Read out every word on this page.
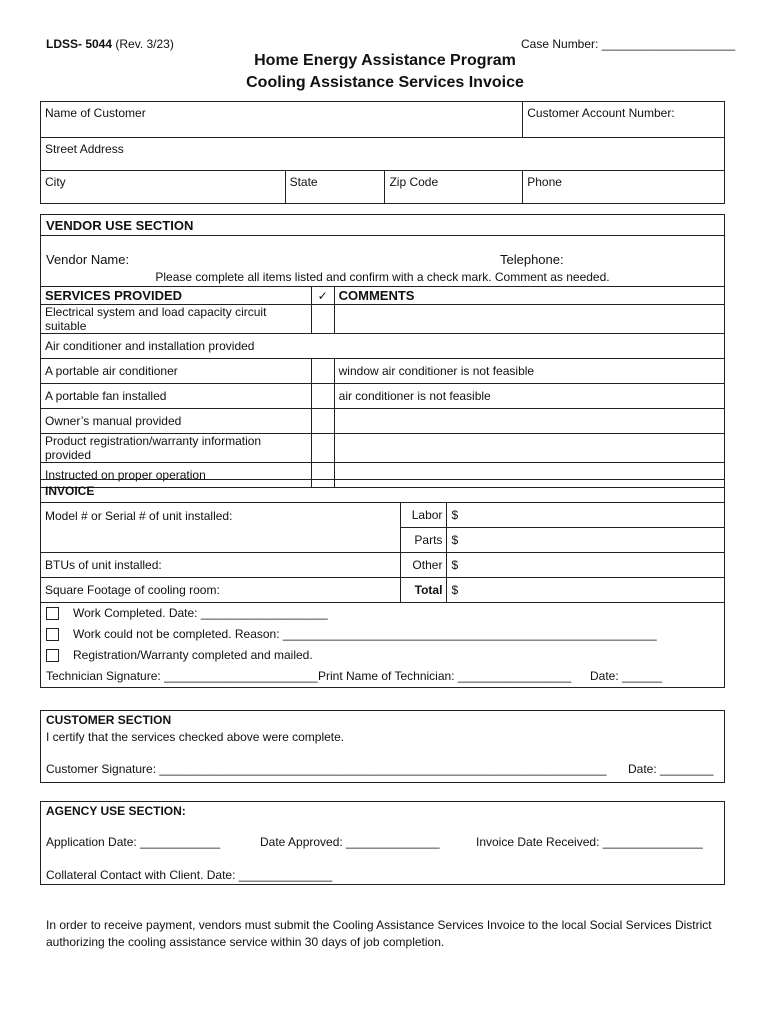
LDSS- 5044 (Rev. 3/23)	Case Number: ____________________
Home Energy Assistance Program
Cooling Assistance Services Invoice
Name of Customer			Customer Account Number:
Street Address			
City	State	Zip Code	Phone
VENDOR USE SECTION
Vendor Name:	Telephone:
Please complete all items listed and confirm with a check mark. Comment as needed.
SERVICES PROVIDED	✓	COMMENTS
Electrical system and load capacity circuit suitable		
Air conditioner and installation provided		
A portable air conditioner		window air conditioner is not feasible
A portable fan installed		air conditioner is not feasible
Owner’s manual provided		
Product registration/warranty information provided		
Instructed on proper operation		
INVOICE		
Model # or Serial # of unit installed:	Labor	$
	Parts	$
BTUs of unit installed:	Other	$
Square Footage of cooling room:	Total	$
Work Completed. Date: ___________________
Work could not be completed. Reason: ________________________________________________________
Registration/Warranty completed and mailed.
Technician Signature: _______________________ Print Name of Technician: _________________ Date: ______
CUSTOMER SECTION
I certify that the services checked above were complete.
Customer Signature: ___________________________________________________________________ Date: ________
AGENCY USE SECTION:
Application Date: ____________	Date Approved: ______________	Invoice Date Received: _______________
Collateral Contact with Client. Date: ______________
In order to receive payment, vendors must submit the Cooling Assistance Services Invoice to the local Social Services District
authorizing the cooling assistance service within 30 days of job completion.
